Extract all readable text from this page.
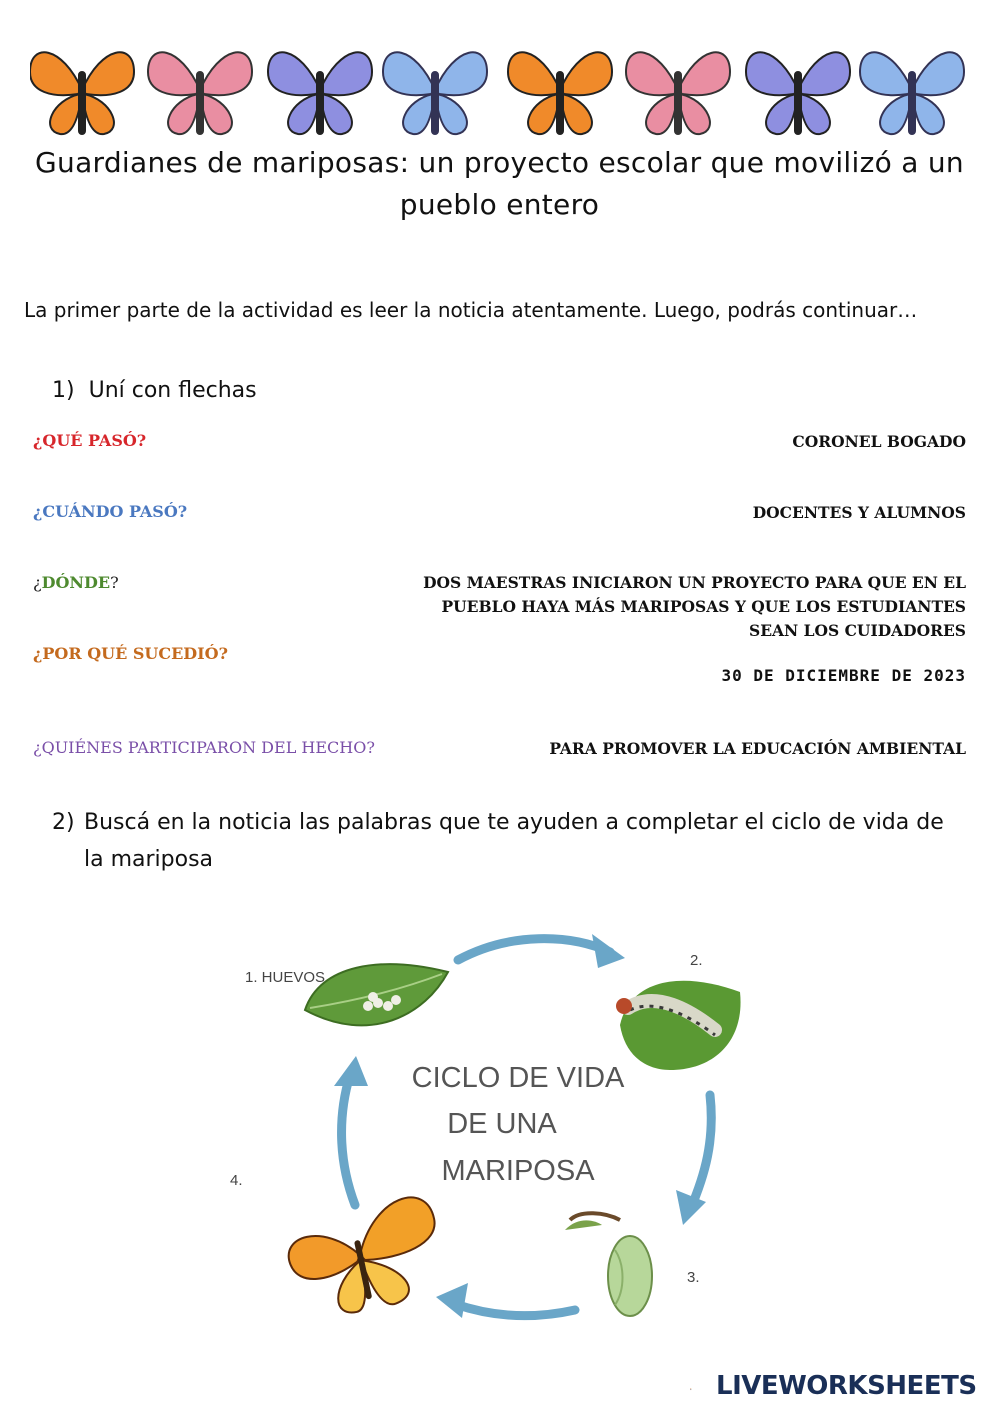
Guardianes de mariposas: un proyecto escolar que movilizó a un pueblo entero
La primer parte de la actividad es leer la noticia atentamente. Luego, podrás continuar…
1) Uní con flechas
¿QUÉ PASÓ?
¿CUÁNDO PASÓ?
¿DÓNDE?
¿POR QUÉ SUCEDIÓ?
¿QUIÉNES PARTICIPARON DEL HECHO?
CORONEL BOGADO
DOCENTES Y ALUMNOS
DOS MAESTRAS INICIARON UN PROYECTO PARA QUE EN EL
PUEBLO HAYA MÁS MARIPOSAS Y QUE LOS ESTUDIANTES
SEAN LOS CUIDADORES
30 DE DICIEMBRE DE 2023
PARA PROMOVER LA EDUCACIÓN AMBIENTAL
2) Buscá en la noticia las palabras que te ayuden a completar el ciclo de vida de la mariposa
1. HUEVOS
2.
3.
4.
CICLO DE VIDA
DE UNA
MARIPOSA
LIVEWORKSHEETS
